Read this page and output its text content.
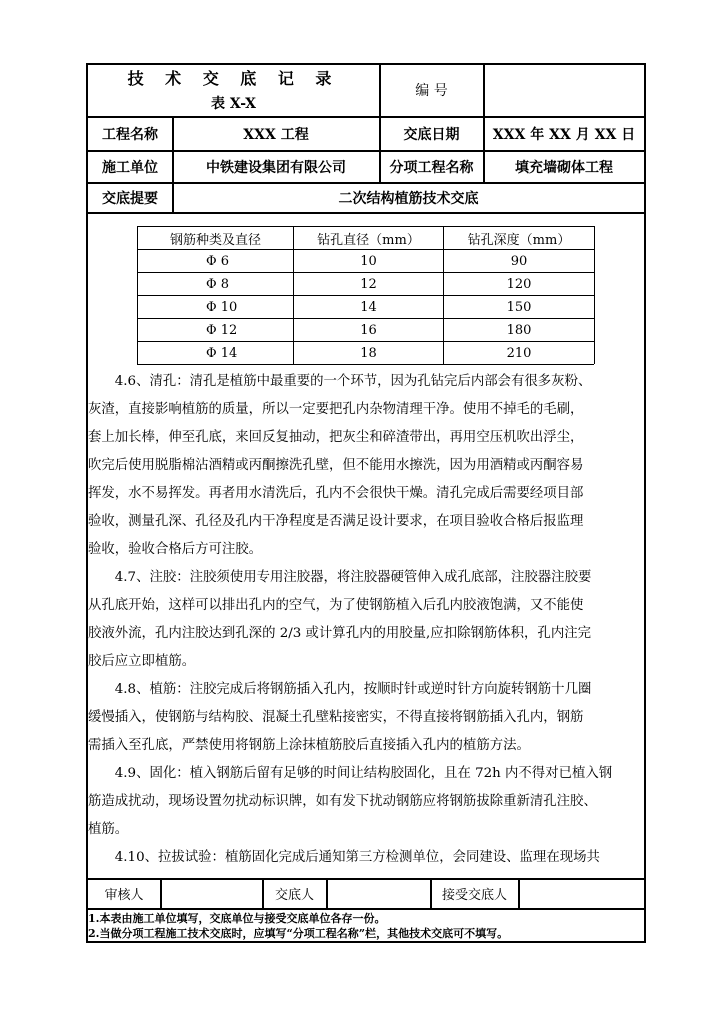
技 术 交 底 记 录
表 X-X
编 号
工程名称	XXX 工程	交底日期	XXX 年 XX 月 XX 日
施工单位	中铁建设集团有限公司	分项工程名称	填充墙砌体工程
交底提要	二次结构植筋技术交底
钢筋种类及直径	钻孔直径（mm）	钻孔深度（mm）
Φ 6	10	90
Φ 8	12	120
Φ 10	14	150
Φ 12	16	180
Φ 14	18	210
　　4.6、清孔：清孔是植筋中最重要的一个环节，因为孔钻完后内部会有很多灰粉、
灰渣，直接影响植筋的质量，所以一定要把孔内杂物清理干净。使用不掉毛的毛刷，
套上加长棒，伸至孔底，来回反复抽动，把灰尘和碎渣带出，再用空压机吹出浮尘，
吹完后使用脱脂棉沾酒精或丙酮擦洗孔壁，但不能用水擦洗，因为用酒精或丙酮容易
挥发，水不易挥发。再者用水清洗后，孔内不会很快干燥。清孔完成后需要经项目部
验收，测量孔深、孔径及孔内干净程度是否满足设计要求，在项目验收合格后报监理
验收，验收合格后方可注胶。
　　4.7、注胶：注胶须使用专用注胶器，将注胶器硬管伸入成孔底部，注胶器注胶要
从孔底开始，这样可以排出孔内的空气，为了使钢筋植入后孔内胶液饱满，又不能使
胶液外流，孔内注胶达到孔深的 2/3 或计算孔内的用胶量,应扣除钢筋体积，孔内注完
胶后应立即植筋。
　　4.8、植筋：注胶完成后将钢筋插入孔内，按顺时针或逆时针方向旋转钢筋十几圈
缓慢插入，使钢筋与结构胶、混凝土孔壁粘接密实，不得直接将钢筋插入孔内，钢筋
需插入至孔底，严禁使用将钢筋上涂抹植筋胶后直接插入孔内的植筋方法。
　　4.9、固化：植入钢筋后留有足够的时间让结构胶固化，且在 72h 内不得对已植入钢
筋造成扰动，现场设置勿扰动标识牌，如有发下扰动钢筋应将钢筋拔除重新清孔注胶、
植筋。
　　4.10、拉拔试验：植筋固化完成后通知第三方检测单位，会同建设、监理在现场共
审核人	交底人	接受交底人
1.本表由施工单位填写，交底单位与接受交底单位各存一份。
2.当做分项工程施工技术交底时，应填写“分项工程名称”栏，其他技术交底可不填写。
